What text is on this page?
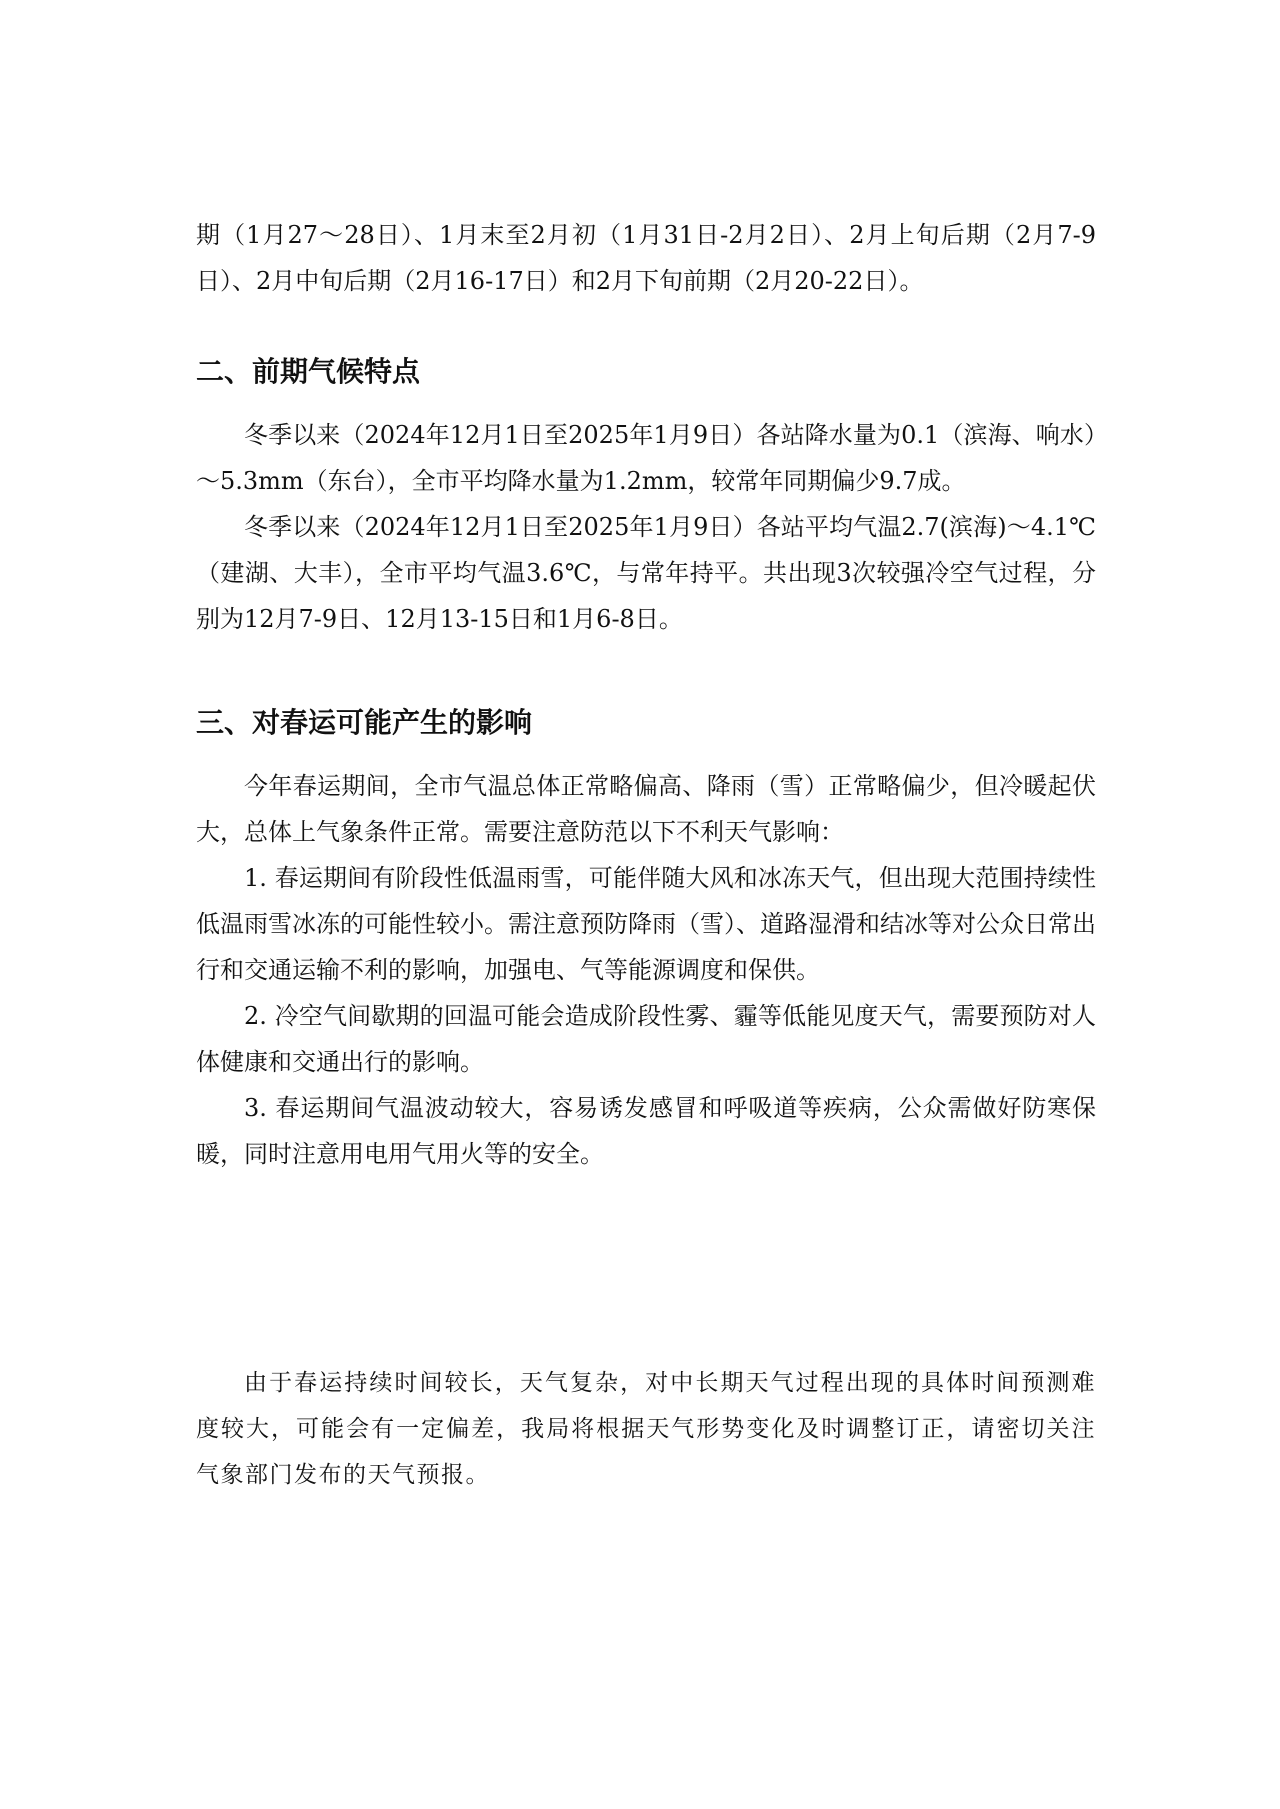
期（1月27～28日）、1月末至2月初（1月31日-2月2日）、2月上旬后期（2月7-9日）、2月中旬后期（2月16-17日）和2月下旬前期（2月20-22日）。

二、前期气候特点

冬季以来（2024年12月1日至2025年1月9日）各站降水量为0.1（滨海、响水）～5.3mm（东台），全市平均降水量为1.2mm，较常年同期偏少9.7成。

冬季以来（2024年12月1日至2025年1月9日）各站平均气温2.7(滨海)～4.1℃（建湖、大丰），全市平均气温3.6℃，与常年持平。共出现3次较强冷空气过程，分别为12月7-9日、12月13-15日和1月6-8日。

三、对春运可能产生的影响

今年春运期间，全市气温总体正常略偏高、降雨（雪）正常略偏少，但冷暖起伏大，总体上气象条件正常。需要注意防范以下不利天气影响：

1. 春运期间有阶段性低温雨雪，可能伴随大风和冰冻天气，但出现大范围持续性低温雨雪冰冻的可能性较小。需注意预防降雨（雪）、道路湿滑和结冰等对公众日常出行和交通运输不利的影响，加强电、气等能源调度和保供。

2. 冷空气间歇期的回温可能会造成阶段性雾、霾等低能见度天气，需要预防对人体健康和交通出行的影响。

3. 春运期间气温波动较大，容易诱发感冒和呼吸道等疾病，公众需做好防寒保暖，同时注意用电用气用火等的安全。

由于春运持续时间较长，天气复杂，对中长期天气过程出现的具体时间预测难度较大，可能会有一定偏差，我局将根据天气形势变化及时调整订正，请密切关注气象部门发布的天气预报。
